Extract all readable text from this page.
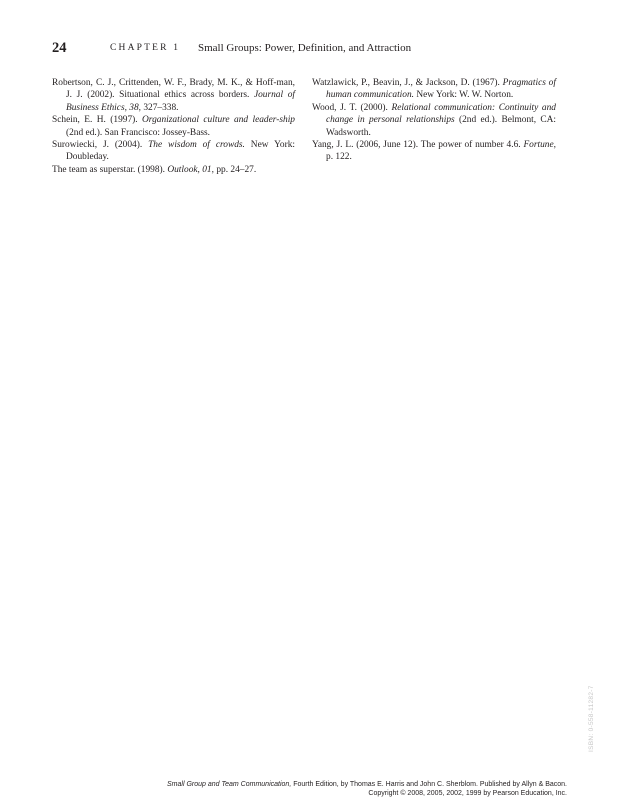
24	CHAPTER 1 Small Groups: Power, Definition, and Attraction

Robertson, C. J., Crittenden, W. F., Brady, M. K., & Hoff-man, J. J. (2002). Situational ethics across borders. Journal of Business Ethics, 38, 327–338.

Schein, E. H. (1997). Organizational culture and leader-ship (2nd ed.). San Francisco: Jossey-Bass.

Surowiecki, J. (2004). The wisdom of crowds. New York: Doubleday.

The team as superstar. (1998). Outlook, 01, pp. 24–27.

Watzlawick, P., Beavin, J., & Jackson, D. (1967). Pragmatics of human communication. New York: W. W. Norton.

Wood, J. T. (2000). Relational communication: Continuity and change in personal relationships (2nd ed.). Belmont, CA: Wadsworth.

Yang, J. L. (2006, June 12). The power of number 4.6. Fortune, p. 122.

ISBN: 0-558-11282-7
Small Group and Team Communication, Fourth Edition, by Thomas E. Harris and John C. Sherblom. Published by Allyn & Bacon.
Copyright © 2008, 2005, 2002, 1999 by Pearson Education, Inc.
